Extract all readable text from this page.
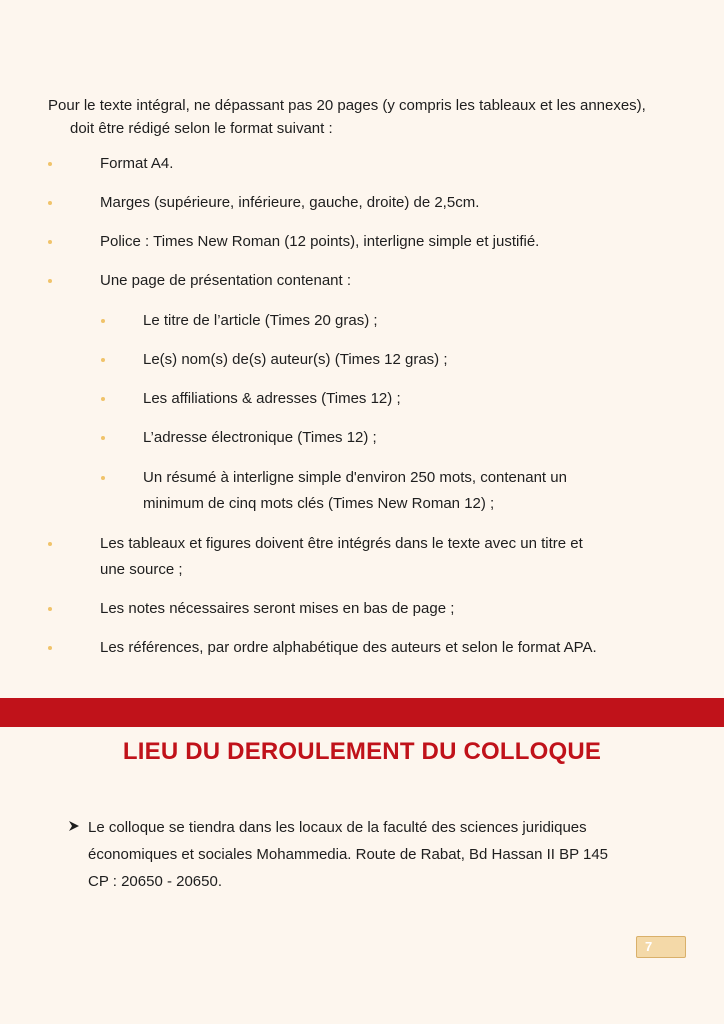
Pour le texte intégral, ne dépassant pas 20 pages (y compris les tableaux et les annexes),
doit être rédigé selon le format suivant :

Format A4.
Marges (supérieure, inférieure, gauche, droite) de 2,5cm.
Police : Times New Roman (12 points), interligne simple et justifié.
Une page de présentation contenant :
Le titre de l’article (Times 20 gras) ;
Le(s) nom(s) de(s) auteur(s) (Times 12 gras) ;
Les affiliations & adresses (Times 12) ;
L’adresse électronique (Times 12) ;
Un résumé à interligne simple d'environ 250 mots, contenant un
minimum de cinq mots clés (Times New Roman 12) ;
Les tableaux et figures doivent être intégrés dans le texte avec un titre et
une source ;
Les notes nécessaires seront mises en bas de page ;
Les références, par ordre alphabétique des auteurs et selon le format APA.
LIEU DU DEROULEMENT DU COLLOQUE
Le colloque se tiendra dans les locaux de la faculté des sciences juridiques
économiques et sociales Mohammedia. Route de Rabat, Bd Hassan II BP 145
CP : 20650 - 20650.
7
